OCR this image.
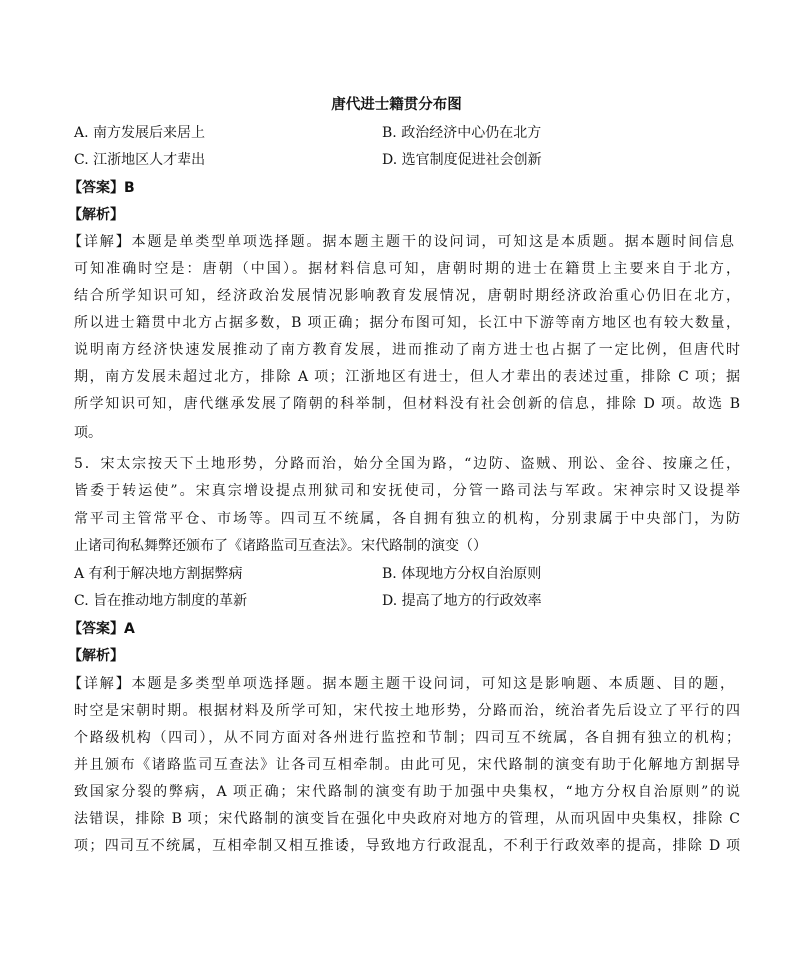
唐代进士籍贯分布图
A. 南方发展后来居上	B. 政治经济中心仍在北方
C. 江浙地区人才辈出	D. 选官制度促进社会创新
【答案】B
【解析】
【详解】本题是单类型单项选择题。据本题主题干的设问词，可知这是本质题。据本题时间信息
可知准确时空是：唐朝（中国）。据材料信息可知，唐朝时期的进士在籍贯上主要来自于北方，
结合所学知识可知，经济政治发展情况影响教育发展情况，唐朝时期经济政治重心仍旧在北方，
所以进士籍贯中北方占据多数，B 项正确；据分布图可知，长江中下游等南方地区也有较大数量，
说明南方经济快速发展推动了南方教育发展，进而推动了南方进士也占据了一定比例，但唐代时
期，南方发展未超过北方，排除 A 项；江浙地区有进士，但人才辈出的表述过重，排除 C 项；据
所学知识可知，唐代继承发展了隋朝的科举制，但材料没有社会创新的信息，排除 D 项。故选 B
项。
5．宋太宗按天下土地形势，分路而治，始分全国为路，“边防、盗贼、刑讼、金谷、按廉之任，
皆委于转运使”。宋真宗增设提点刑狱司和安抚使司，分管一路司法与军政。宋神宗时又设提举
常平司主管常平仓、市场等。四司互不统属，各自拥有独立的机构，分别隶属于中央部门，为防
止诸司徇私舞弊还颁布了《诸路监司互查法》。宋代路制的演变（）
A 有利于解决地方割据弊病	B. 体现地方分权自治原则
C. 旨在推动地方制度的革新	D. 提高了地方的行政效率
【答案】A
【解析】
【详解】本题是多类型单项选择题。据本题主题干设问词，可知这是影响题、本质题、目的题，
时空是宋朝时期。根据材料及所学可知，宋代按土地形势，分路而治，统治者先后设立了平行的四
个路级机构（四司），从不同方面对各州进行监控和节制；四司互不统属，各自拥有独立的机构；
并且颁布《诸路监司互查法》让各司互相牵制。由此可见，宋代路制的演变有助于化解地方割据导
致国家分裂的弊病，A 项正确；宋代路制的演变有助于加强中央集权，“地方分权自治原则”的说
法错误，排除 B 项；宋代路制的演变旨在强化中央政府对地方的管理，从而巩固中央集权，排除 C
项；四司互不统属，互相牵制又相互推诿，导致地方行政混乱，不利于行政效率的提高，排除 D 项
